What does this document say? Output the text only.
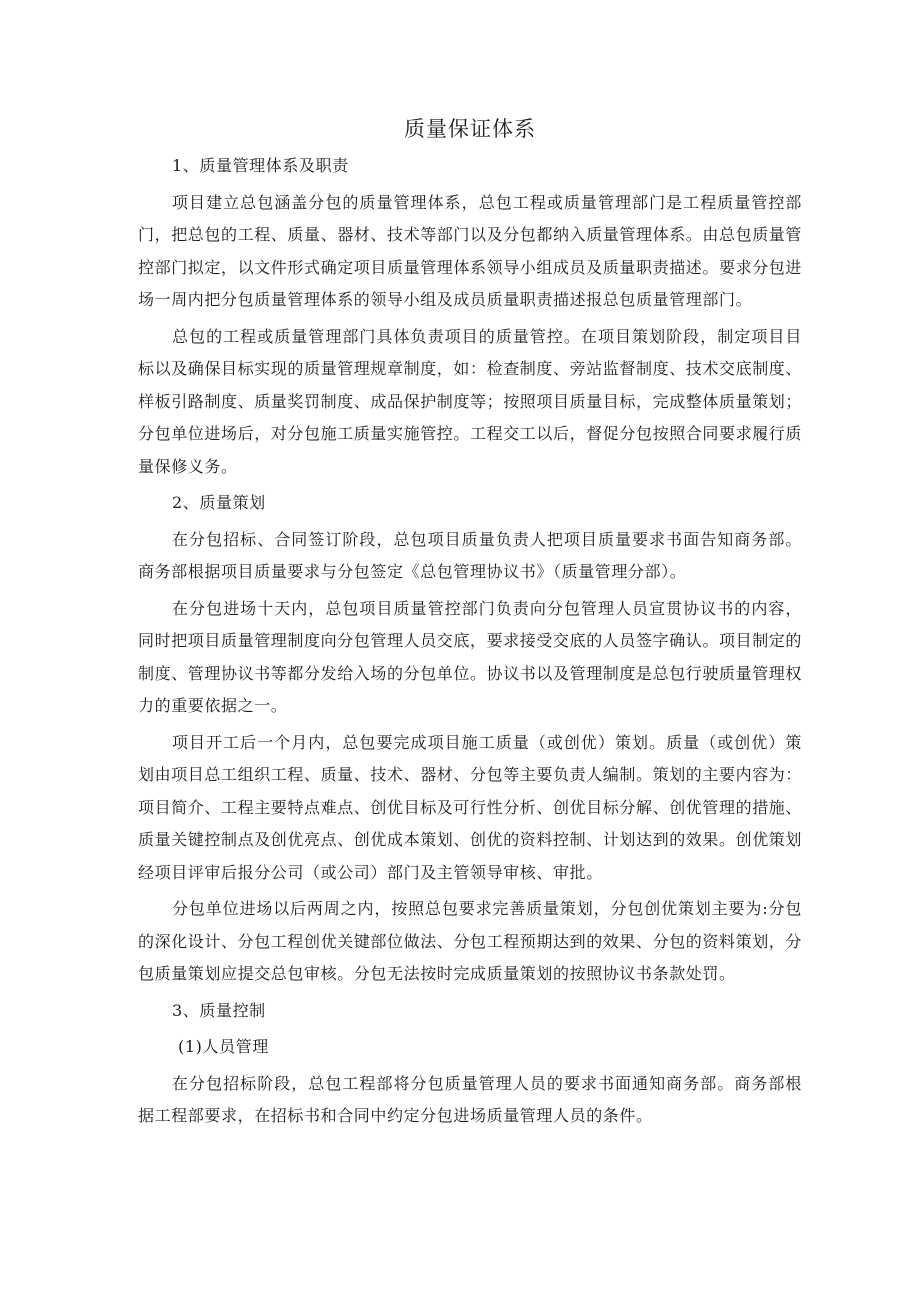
质量保证体系
1、质量管理体系及职责

项目建立总包涵盖分包的质量管理体系，总包工程或质量管理部门是工程质量管控部门，把总包的工程、质量、器材、技术等部门以及分包都纳入质量管理体系。由总包质量管控部门拟定，以文件形式确定项目质量管理体系领导小组成员及质量职责描述。要求分包进场一周内把分包质量管理体系的领导小组及成员质量职责描述报总包质量管理部门。

总包的工程或质量管理部门具体负责项目的质量管控。在项目策划阶段，制定项目目标以及确保目标实现的质量管理规章制度，如：检查制度、旁站监督制度、技术交底制度、样板引路制度、质量奖罚制度、成品保护制度等；按照项目质量目标，完成整体质量策划；分包单位进场后，对分包施工质量实施管控。工程交工以后，督促分包按照合同要求履行质量保修义务。

2、质量策划

在分包招标、合同签订阶段，总包项目质量负责人把项目质量要求书面告知商务部。商务部根据项目质量要求与分包签定《总包管理协议书》（质量管理分部）。

在分包进场十天内，总包项目质量管控部门负责向分包管理人员宣贯协议书的内容，同时把项目质量管理制度向分包管理人员交底，要求接受交底的人员签字确认。项目制定的制度、管理协议书等都分发给入场的分包单位。协议书以及管理制度是总包行驶质量管理权力的重要依据之一。

项目开工后一个月内，总包要完成项目施工质量（或创优）策划。质量（或创优）策划由项目总工组织工程、质量、技术、器材、分包等主要负责人编制。策划的主要内容为：项目简介、工程主要特点难点、创优目标及可行性分析、创优目标分解、创优管理的措施、质量关键控制点及创优亮点、创优成本策划、创优的资料控制、计划达到的效果。创优策划经项目评审后报分公司（或公司）部门及主管领导审核、审批。

分包单位进场以后两周之内，按照总包要求完善质量策划，分包创优策划主要为:分包的深化设计、分包工程创优关键部位做法、分包工程预期达到的效果、分包的资料策划，分包质量策划应提交总包审核。分包无法按时完成质量策划的按照协议书条款处罚。

3、质量控制
(1)人员管理

在分包招标阶段，总包工程部将分包质量管理人员的要求书面通知商务部。商务部根据工程部要求，在招标书和合同中约定分包进场质量管理人员的条件。
